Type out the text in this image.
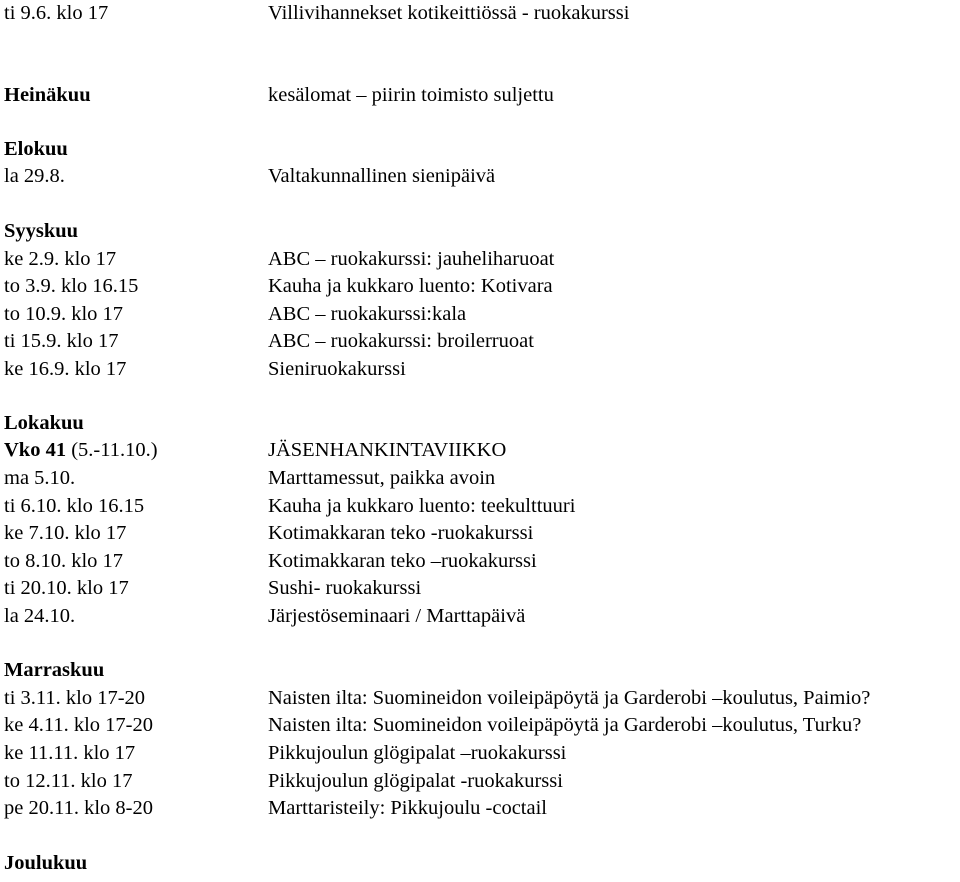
ti 9.6. klo 17	Villivihannekset kotikeittiössä - ruokakurssi
Heinäkuu	kesälomat – piirin toimisto suljettu
Elokuu
la 29.8.	Valtakunnallinen sienipäivä
Syyskuu
ke 2.9. klo 17	ABC – ruokakurssi: jauheliharuoat
to 3.9. klo 16.15	Kauha ja kukkaro luento: Kotivara
to 10.9. klo 17	ABC – ruokakurssi:kala
ti 15.9. klo 17	ABC – ruokakurssi: broilerruoat
ke 16.9. klo 17	Sieniruokakurssi
Lokakuu
Vko 41 (5.-11.10.)	JÄSENHANKINTAVIIKKO
ma 5.10.	Marttamessut, paikka avoin
ti 6.10. klo 16.15	Kauha ja kukkaro luento: teekulttuuri
ke 7.10. klo 17	Kotimakkaran teko -ruokakurssi
to 8.10. klo 17	Kotimakkaran teko –ruokakurssi
ti 20.10. klo 17	Sushi- ruokakurssi
la 24.10.	Järjestöseminaari / Marttapäivä
Marraskuu
ti 3.11. klo 17-20	Naisten ilta: Suomineidon voileipäpöytä ja Garderobi –koulutus, Paimio?
ke 4.11. klo 17-20	Naisten ilta: Suomineidon voileipäpöytä ja Garderobi –koulutus, Turku?
ke 11.11. klo 17	Pikkujoulun glögipalat –ruokakurssi
to 12.11. klo 17	Pikkujoulun glögipalat -ruokakurssi
pe 20.11. klo 8-20	Marttaristeily: Pikkujoulu -coctail
Joulukuu
